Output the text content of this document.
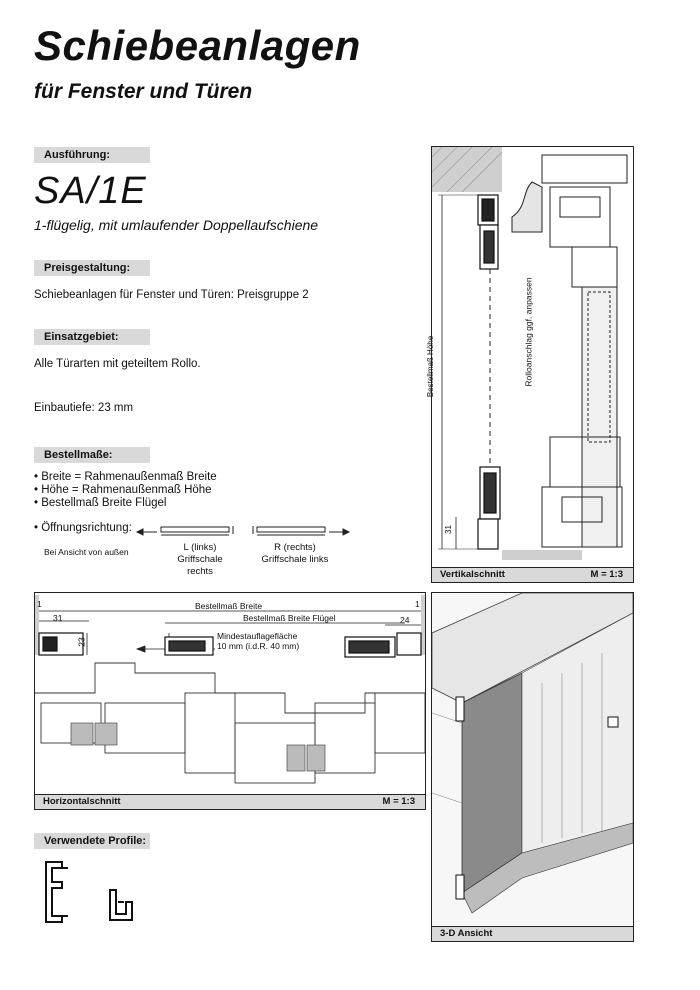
Schiebeanlagen
für Fenster und Türen
Ausführung:
SA/1E
1-flügelig, mit umlaufender Doppellaufschiene
Preisgestaltung:
Schiebeanlagen für Fenster und Türen: Preisgruppe 2
Einsatzgebiet:
Alle Türarten mit geteiltem Rollo.
Einbautiefe: 23 mm
Bestellmaße:
• Breite = Rahmenaußenmaß Breite
• Höhe = Rahmenaußenmaß Höhe
• Bestellmaß Breite Flügel
• Öffnungsrichtung:
Bei Ansicht von außen	L (links)
Griffschale rechts
R (rechts)
Griffschale links
Bestellmaß Höhe	Rolloanschlag ggf. anpassen
31
Vertikalschnitt	M = 1:3
1	1
Bestellmaß Breite
Bestellmaß Breite Flügel
31	24
23
Mindestauflagefläche
10 mm (i.d.R. 40 mm)
Horizontalschnitt	M = 1:3
3-D Ansicht
Verwendete Profile:
